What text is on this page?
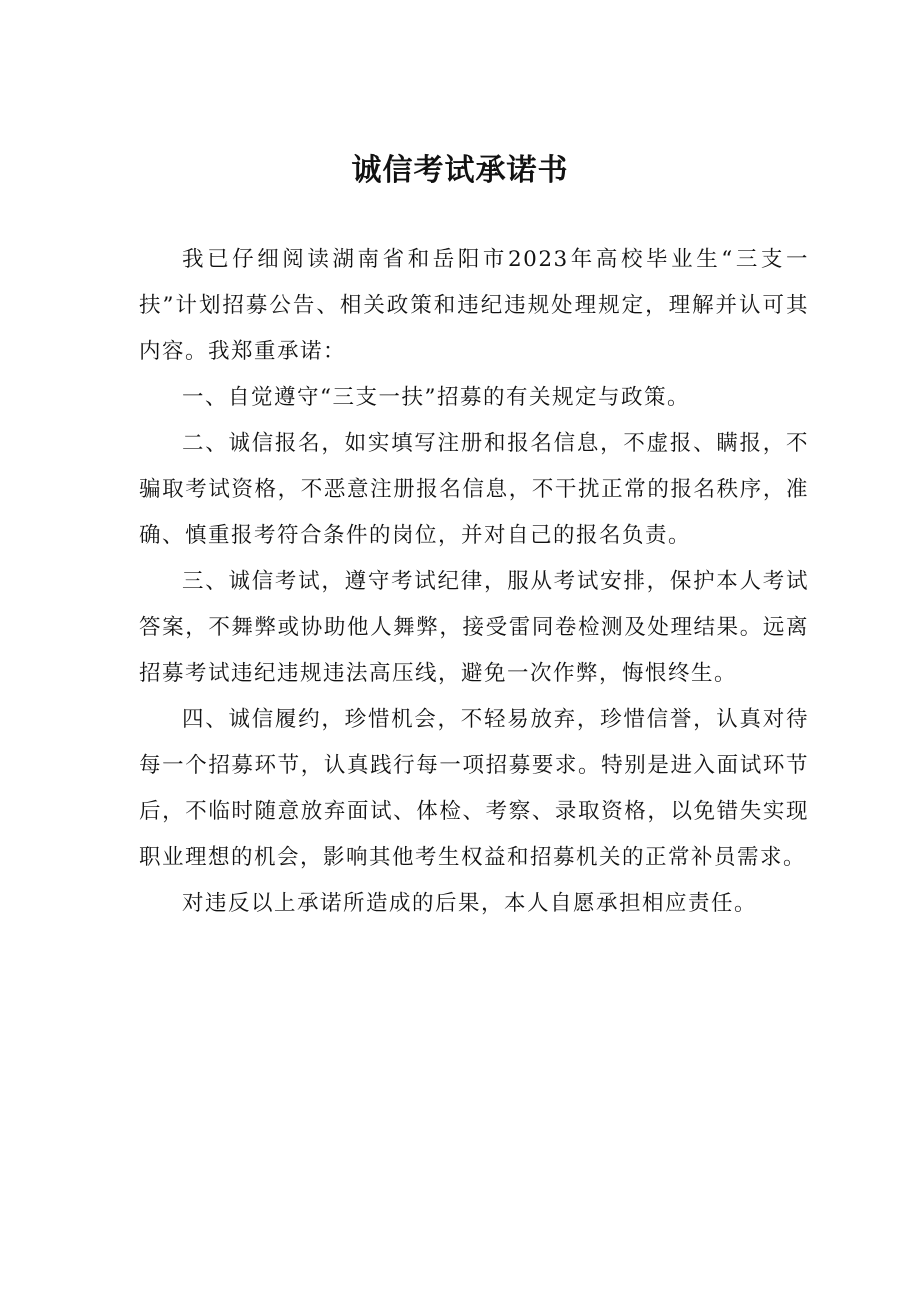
诚信考试承诺书

我已仔细阅读湖南省和岳阳市2023年高校毕业生“三支一扶”计划招募公告、相关政策和违纪违规处理规定，理解并认可其内容。我郑重承诺：

一、自觉遵守“三支一扶”招募的有关规定与政策。

二、诚信报名，如实填写注册和报名信息，不虚报、瞒报，不骗取考试资格，不恶意注册报名信息，不干扰正常的报名秩序，准确、慎重报考符合条件的岗位，并对自己的报名负责。

三、诚信考试，遵守考试纪律，服从考试安排，保护本人考试答案，不舞弊或协助他人舞弊，接受雷同卷检测及处理结果。远离招募考试违纪违规违法高压线，避免一次作弊，悔恨终生。

四、诚信履约，珍惜机会，不轻易放弃，珍惜信誉，认真对待每一个招募环节，认真践行每一项招募要求。特别是进入面试环节后，不临时随意放弃面试、体检、考察、录取资格，以免错失实现职业理想的机会，影响其他考生权益和招募机关的正常补员需求。

对违反以上承诺所造成的后果，本人自愿承担相应责任。
